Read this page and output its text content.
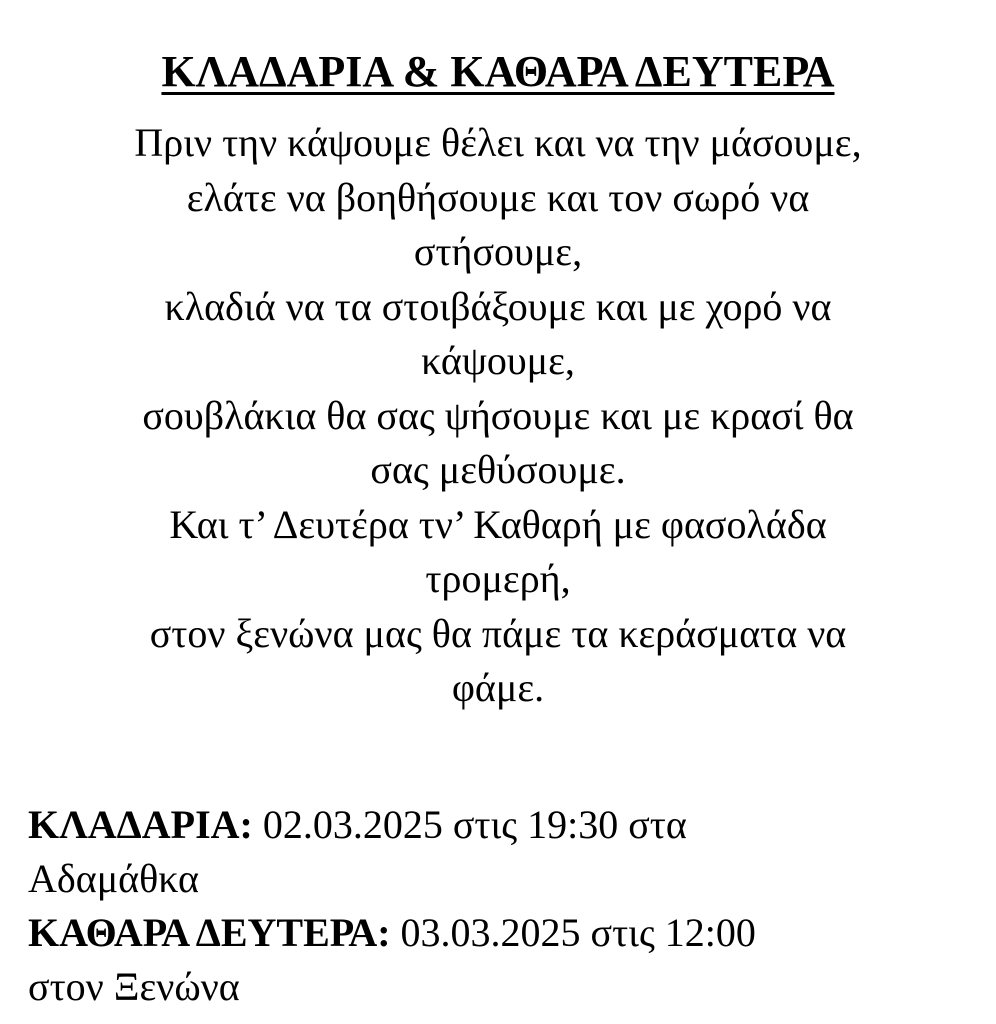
ΚΛΑΔΑΡΙΑ & ΚΑΘΑΡΑ ΔΕΥΤΕΡΑ
Πριν την κάψουμε θέλει και να την μάσουμε,
ελάτε να βοηθήσουμε και τον σωρό να
στήσουμε,
κλαδιά να τα στοιβάξουμε και με χορό να
κάψουμε,
σουβλάκια θα σας ψήσουμε και με κρασί θα
σας μεθύσουμε.
Και τ’ Δευτέρα τν’ Καθαρή με φασολάδα
τρομερή,
στον ξενώνα μας θα πάμε τα κεράσματα να
φάμε.
ΚΛΑΔΑΡΙΑ: 02.03.2025 στις 19:30 στα
Αδαμάθκα
ΚΑΘΑΡΑ ΔΕΥΤΕΡΑ: 03.03.2025 στις 12:00
στον Ξενώνα
